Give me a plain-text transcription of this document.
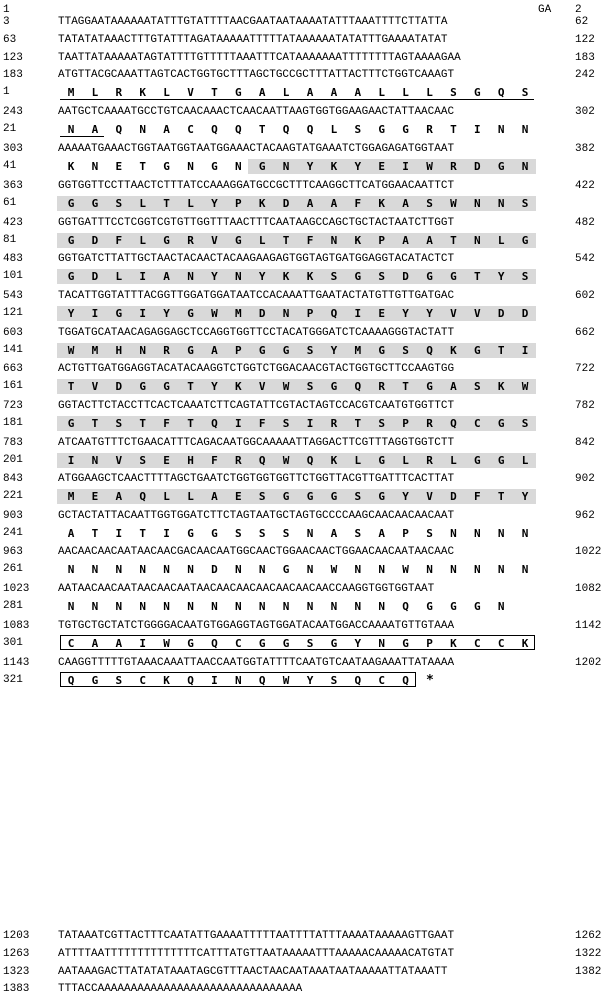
1	GA 2
3	TTAGGAATAAAAAATATTTGTATTTTAACGAATAATAAAATATTTAAATTTTCTTATTA	62
63	TATATATAAACTTTGTATTTAGATAAAAATTTTTATAAAAAATATATTTGAAAATATAT	122
123	TAATTATAAAAATAGTATTTTGTTTTTAAATTTCATAAAAAAATTTTTTTTAGTAAAAGAA	183
183	ATGTTACGCAAATTAGTCACTGGTGCTTTAGCTGCCGCTTTATTACTTTCTGGTCAAAGT	242
1	M	L	R	K	L	V	T	G	A	L	A	A	A	L	L	L	S	G	Q	S
243	AATGCTCAAAATGCCTGTCAACAAACTCAACAATTAAGTGGTGGAAGAACTATTAACAAC	302
21	N	A	Q	N	A	C	Q	Q	T	Q	Q	L	S	G	G	R	T	I	N	N
303	AAAAATGAAACTGGTAATGGTAATGGAAACTACAAGTATGAAATCTGGAGAGATGGTAAT	382
41	K	N	E	T	G	N	G	N	G	N	Y	K	Y	E	I	W	R	D	G	N
363	GGTGGTTCCTTAACTCTTTATCCAAAGGATGCCGCTTTCAAGGCTTCATGGAACAATTCT	422
61	G	G	S	L	T	L	Y	P	K	D	A	A	F	K	A	S	W	N	N	S
423	GGTGATTTCCTCGGTCGTGTTGGTTTAACTTTCAATAAGCCAGCTGCTACTAATCTTGGT	482
81	G	D	F	L	G	R	V	G	L	T	F	N	K	P	A	A	T	N	L	G
483	GGTGATCTTATTGCTAACTACAACTACAAGAAGAGTGGTAGTGATGGAGGTACATACTCT	542
101	G	D	L	I	A	N	Y	N	Y	K	K	S	G	S	D	G	G	T	Y	S
543	TACATTGGTATTTACGGTTGGATGGATAATCCACAAATTGAATACTATGTTGTTGATGAC	602
121	Y	I	G	I	Y	G	W	M	D	N	P	Q	I	E	Y	Y	V	V	D	D
603	TGGATGCATAACAGAGGAGCTCCAGGTGGTTCCTACATGGGATCTCAAAAGGGTACTATT	662
141	W	M	H	N	R	G	A	P	G	G	S	Y	M	G	S	Q	K	G	T	I
663	ACTGTTGATGGAGGTACATACAAGGTCTGGTCTGGACAACGTACTGGTGCTTCCAAGTGG	722
161	T	V	D	G	G	T	Y	K	V	W	S	G	Q	R	T	G	A	S	K	W
723	GGTACTTCTACCTTCACTCAAATCTTCAGTATTCGTACTAGTCCACGTCAATGTGGTTCT	782
181	G	T	S	T	F	T	Q	I	F	S	I	R	T	S	P	R	Q	C	G	S
783	ATCAATGTTTCTGAACATTTCAGACAATGGCAAAAATTAGGACTTCGTTTAGGTGGTCTT	842
201	I	N	V	S	E	H	F	R	Q	W	Q	K	L	G	L	R	L	G	G	L
843	ATGGAAGCTCAACTTTTAGCTGAATCTGGTGGTGGTTCTGGTTACGTTGATTTCACTTAT	902
221	M	E	A	Q	L	L	A	E	S	G	G	G	S	G	Y	V	D	F	T	Y
903	GCTACTATTACAATTGGTGGATCTTCTAGTAATGCTAGTGCCCCAAGCAACAACAACAAT	962
241	A	T	I	T	I	G	G	S	S	S	N	A	S	A	P	S	N	N	N	N
963	AACAACAACAATAACAACGACAACAATGGCAACTGGAACAACTGGAACAACAATAACAAC	1022
261	N	N	N	N	N	N	D	N	N	G	N	W	N	N	W	N	N	N	N	N
1023	AATAACAACAATAACAACAATAACAACAACAACAACAACAACCAAGGTGGTGGTAAT	1082
281	N	N	N	N	N	N	N	N	N	N	N	N	N	N	Q	G	G	G	N
1083	TGTGCTGCTATCTGGGGACAATGTGGAGGTAGTGGATACAATGGACCAAAATGTTGTAAA	1142
301	C	A	A	I	W	G	Q	C	G	G	S	G	Y	N	G	P	K	C	C	K
1143	CAAGGTTTTTGTAAACAAATTAACCAATGGTATTTTCAATGTCAATAAGAAATTATAAAA	1202
321	Q	G	S	C	K	Q	I	N	Q	W	Y	S	Q	C	Q	*
1203	TATAAATCGTTACTTTCAATATTGAAAATTTTTAATTTTATTTAAAATAAAAAGTTGAAT	1262
1263	ATTTTAATTTTTTTTTTTTTTCATTTATGTTAATAAAAATTTAAAAACAAAAACATGTAT	1322
1323	AATAAAGACTTATATATAAATAGCGTTTAACTAACAATAAATAATAAAAATTATAAATT	1382
1383	TTTACCAAAAAAAAAAAAAAAAAAAAAAAAAAAAAAA
